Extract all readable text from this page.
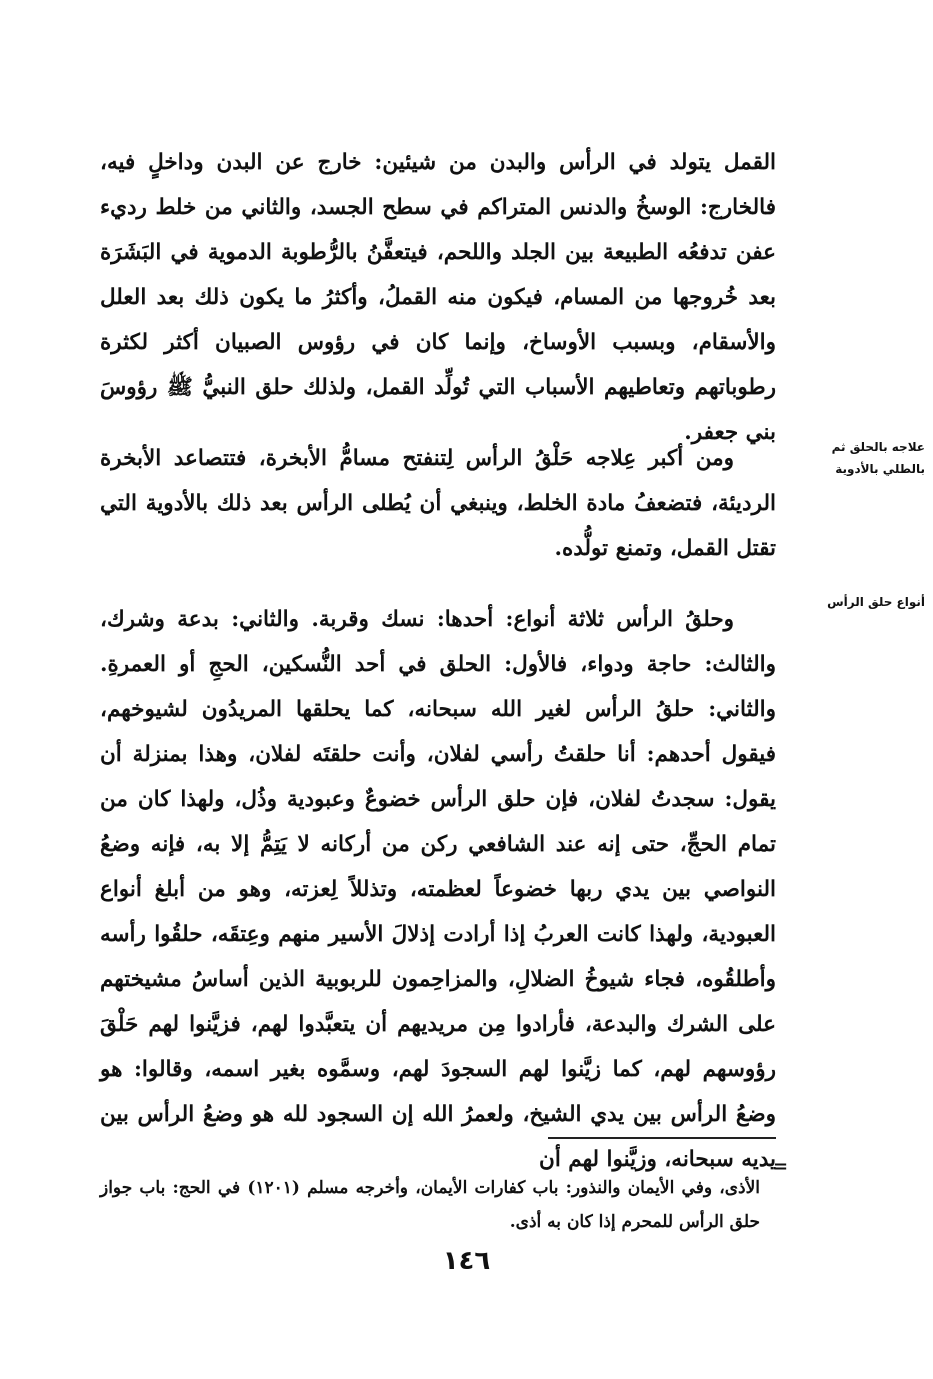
القمل يتولد في الرأس والبدن من شيئين: خارج عن البدن وداخلٍ فيه، فالخارج: الوسخُ والدنس المتراكم في سطح الجسد، والثاني من خلط رديء عفن تدفعُه الطبيعة بين الجلد واللحم، فيتعفَّنُ بالرُّطوبة الدموية في البَشَرَة بعد خُروجها من المسام، فيكون منه القملُ، وأكثرُ ما يكون ذلك بعد العلل والأسقام، وبسبب الأوساخ، وإنما كان في رؤوس الصبيان أكثر لكثرة رطوباتهم وتعاطيهم الأسباب التي تُولِّد القمل، ولذلك حلق النبيُّ ﷺ رؤوسَ بني جعفر.

علاجه بالحلق ثم بالطلي بالأدوية

ومن أكبر عِلاجه حَلْقُ الرأس لِتنفتح مسامُّ الأبخرة، فتتصاعد الأبخرة الرديئة، فتضعفُ مادة الخلط، وينبغي أن يُطلى الرأس بعد ذلك بالأدوية التي تقتل القمل، وتمنع تولُّده.

أنواع حلق الرأس

وحلقُ الرأس ثلاثة أنواع: أحدها: نسك وقربة. والثاني: بدعة وشرك، والثالث: حاجة ودواء، فالأول: الحلق في أحد النُّسكين، الحجِ أو العمرةِ. والثاني: حلقُ الرأس لغير الله سبحانه، كما يحلقها المريدُون لشيوخهم، فيقول أحدهم: أنا حلقتُ رأسي لفلان، وأنت حلقتَه لفلان، وهذا بمنزلة أن يقول: سجدتُ لفلان، فإن حلق الرأس خضوعٌ وعبودية وذُل، ولهذا كان من تمام الحجِّ، حتى إنه عند الشافعي ركن من أركانه لا يَتِمُّ إلا به، فإنه وضعُ النواصي بين يدي ربها خضوعاً لعظمته، وتذللاً لِعزته، وهو من أبلغ أنواع العبودية، ولهذا كانت العربُ إذا أرادت إذلالَ الأسير منهم وعِتقَه، حلقُوا رأسه وأطلقُوه، فجاء شيوخُ الضلالِ، والمزاحِمون للربوبية الذين أساسُ مشيختهم على الشرك والبدعة، فأرادوا مِن مريديهم أن يتعبَّدوا لهم، فزيَّنوا لهم حَلْقَ رؤوسهم لهم، كما زيَّنوا لهم السجودَ لهم، وسمَّوه بغير اسمه، وقالوا: هو وضعُ الرأس بين يدي الشيخ، ولعمرُ الله إن السجود لله هو وضعُ الرأس بين يديه سبحانه، وزيَّنوا لهم أن

=

الأذى، وفي الأيمان والنذور: باب كفارات الأيمان، وأخرجه مسلم (١٢٠١) في الحج: باب جواز حلق الرأس للمحرم إذا كان به أذى.

١٤٦
